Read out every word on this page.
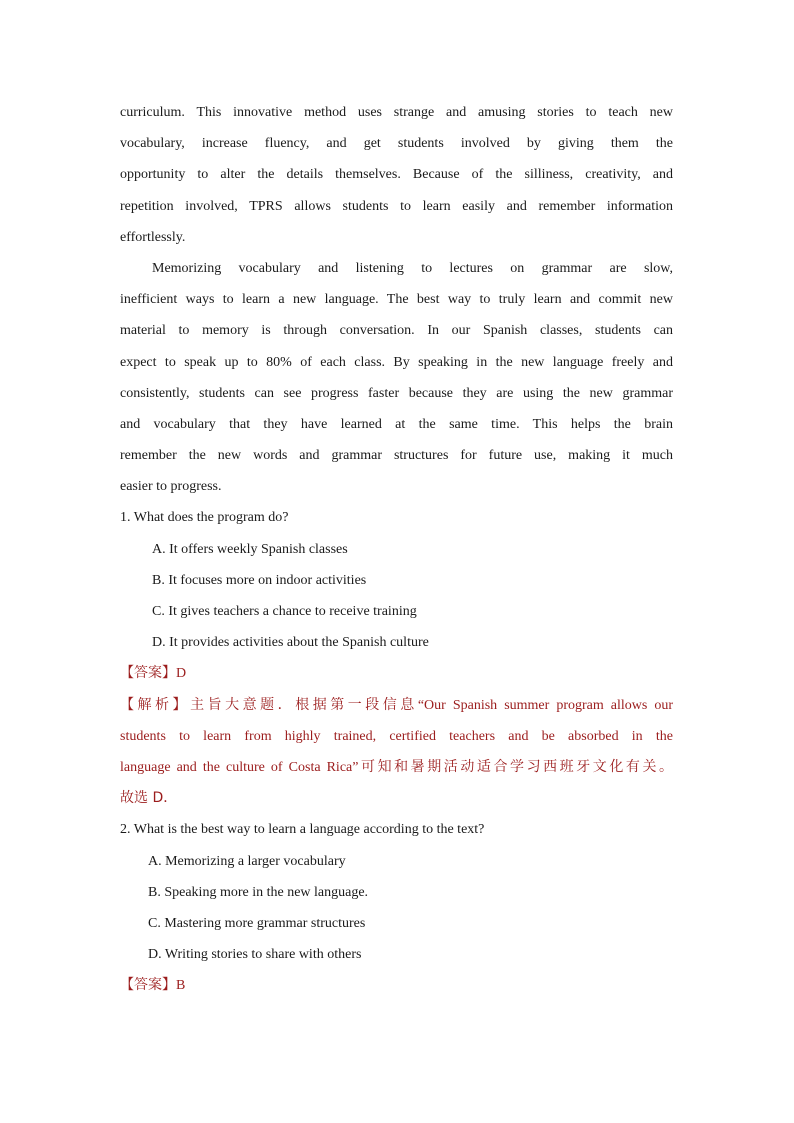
curriculum. This innovative method uses strange and amusing stories to teach new
vocabulary, increase fluency, and get students involved by giving them the
opportunity to alter the details themselves. Because of the silliness, creativity, and
repetition involved, TPRS allows students to learn easily and remember information
effortlessly.
Memorizing vocabulary and listening to lectures on grammar are slow,
inefficient ways to learn a new language. The best way to truly learn and commit new
material to memory is through conversation. In our Spanish classes, students can
expect to speak up to 80% of each class. By speaking in the new language freely and
consistently, students can see progress faster because they are using the new grammar
and vocabulary that they have learned at the same time. This helps the brain
remember the new words and grammar structures for future use, making it much
easier to progress.
1. What does the program do?
A. It offers weekly Spanish classes
B. It focuses more on indoor activities
C. It gives teachers a chance to receive training
D. It provides activities about the Spanish culture
【答案】D
【解析】主旨大意题．根据第一段信息“Our Spanish summer program allows our
students to learn from highly trained, certified teachers and be absorbed in the
language and the culture of Costa Rica”可知和暑期活动适合学习西班牙文化有关。
故选 D．
2. What is the best way to learn a language according to the text?
A. Memorizing a larger vocabulary
B. Speaking more in the new language.
C. Mastering more grammar structures
D. Writing stories to share with others
【答案】B
